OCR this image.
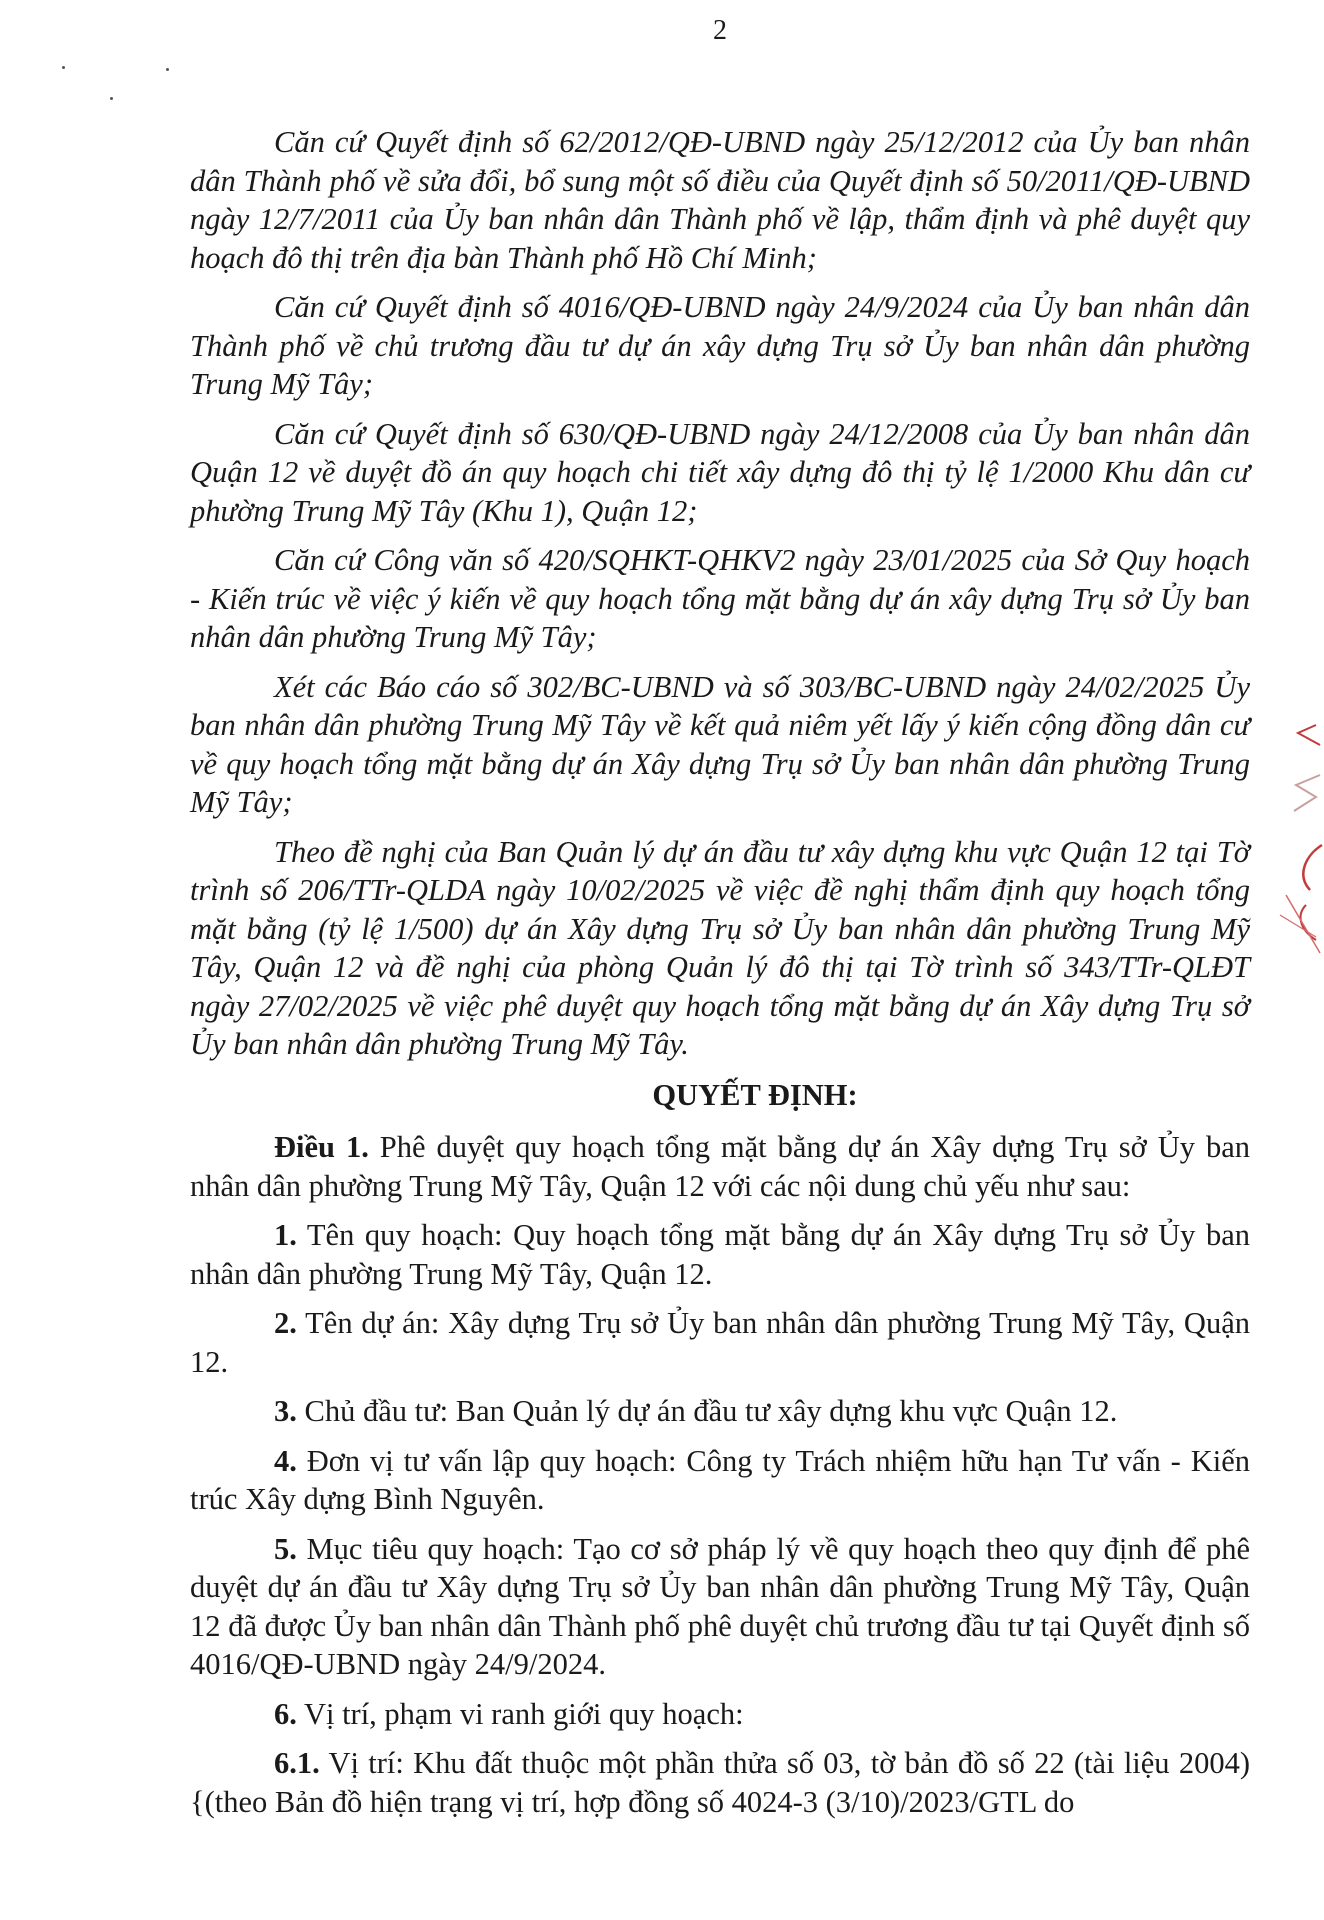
2

Căn cứ Quyết định số 62/2012/QĐ-UBND ngày 25/12/2012 của Ủy ban nhân dân Thành phố về sửa đổi, bổ sung một số điều của Quyết định số 50/2011/QĐ-UBND ngày 12/7/2011 của Ủy ban nhân dân Thành phố về lập, thẩm định và phê duyệt quy hoạch đô thị trên địa bàn Thành phố Hồ Chí Minh;

Căn cứ Quyết định số 4016/QĐ-UBND ngày 24/9/2024 của Ủy ban nhân dân Thành phố về chủ trương đầu tư dự án xây dựng Trụ sở Ủy ban nhân dân phường Trung Mỹ Tây;

Căn cứ Quyết định số 630/QĐ-UBND ngày 24/12/2008 của Ủy ban nhân dân Quận 12 về duyệt đồ án quy hoạch chi tiết xây dựng đô thị tỷ lệ 1/2000 Khu dân cư phường Trung Mỹ Tây (Khu 1), Quận 12;

Căn cứ Công văn số 420/SQHKT-QHKV2 ngày 23/01/2025 của Sở Quy hoạch - Kiến trúc về việc ý kiến về quy hoạch tổng mặt bằng dự án xây dựng Trụ sở Ủy ban nhân dân phường Trung Mỹ Tây;

Xét các Báo cáo số 302/BC-UBND và số 303/BC-UBND ngày 24/02/2025 Ủy ban nhân dân phường Trung Mỹ Tây về kết quả niêm yết lấy ý kiến cộng đồng dân cư về quy hoạch tổng mặt bằng dự án Xây dựng Trụ sở Ủy ban nhân dân phường Trung Mỹ Tây;

Theo đề nghị của Ban Quản lý dự án đầu tư xây dựng khu vực Quận 12 tại Tờ trình số 206/TTr-QLDA ngày 10/02/2025 về việc đề nghị thẩm định quy hoạch tổng mặt bằng (tỷ lệ 1/500) dự án Xây dựng Trụ sở Ủy ban nhân dân phường Trung Mỹ Tây, Quận 12 và đề nghị của phòng Quản lý đô thị tại Tờ trình số 343/TTr-QLĐT ngày 27/02/2025 về việc phê duyệt quy hoạch tổng mặt bằng dự án Xây dựng Trụ sở Ủy ban nhân dân phường Trung Mỹ Tây.

QUYẾT ĐỊNH:

Điều 1. Phê duyệt quy hoạch tổng mặt bằng dự án Xây dựng Trụ sở Ủy ban nhân dân phường Trung Mỹ Tây, Quận 12 với các nội dung chủ yếu như sau:

1. Tên quy hoạch: Quy hoạch tổng mặt bằng dự án Xây dựng Trụ sở Ủy ban nhân dân phường Trung Mỹ Tây, Quận 12.

2. Tên dự án: Xây dựng Trụ sở Ủy ban nhân dân phường Trung Mỹ Tây, Quận 12.

3. Chủ đầu tư: Ban Quản lý dự án đầu tư xây dựng khu vực Quận 12.

4. Đơn vị tư vấn lập quy hoạch: Công ty Trách nhiệm hữu hạn Tư vấn - Kiến trúc Xây dựng Bình Nguyên.

5. Mục tiêu quy hoạch: Tạo cơ sở pháp lý về quy hoạch theo quy định để phê duyệt dự án đầu tư Xây dựng Trụ sở Ủy ban nhân dân phường Trung Mỹ Tây, Quận 12 đã được Ủy ban nhân dân Thành phố phê duyệt chủ trương đầu tư tại Quyết định số 4016/QĐ-UBND ngày 24/9/2024.

6. Vị trí, phạm vi ranh giới quy hoạch:

6.1. Vị trí: Khu đất thuộc một phần thửa số 03, tờ bản đồ số 22 (tài liệu 2004) {(theo Bản đồ hiện trạng vị trí, hợp đồng số 4024-3 (3/10)/2023/GTL do
